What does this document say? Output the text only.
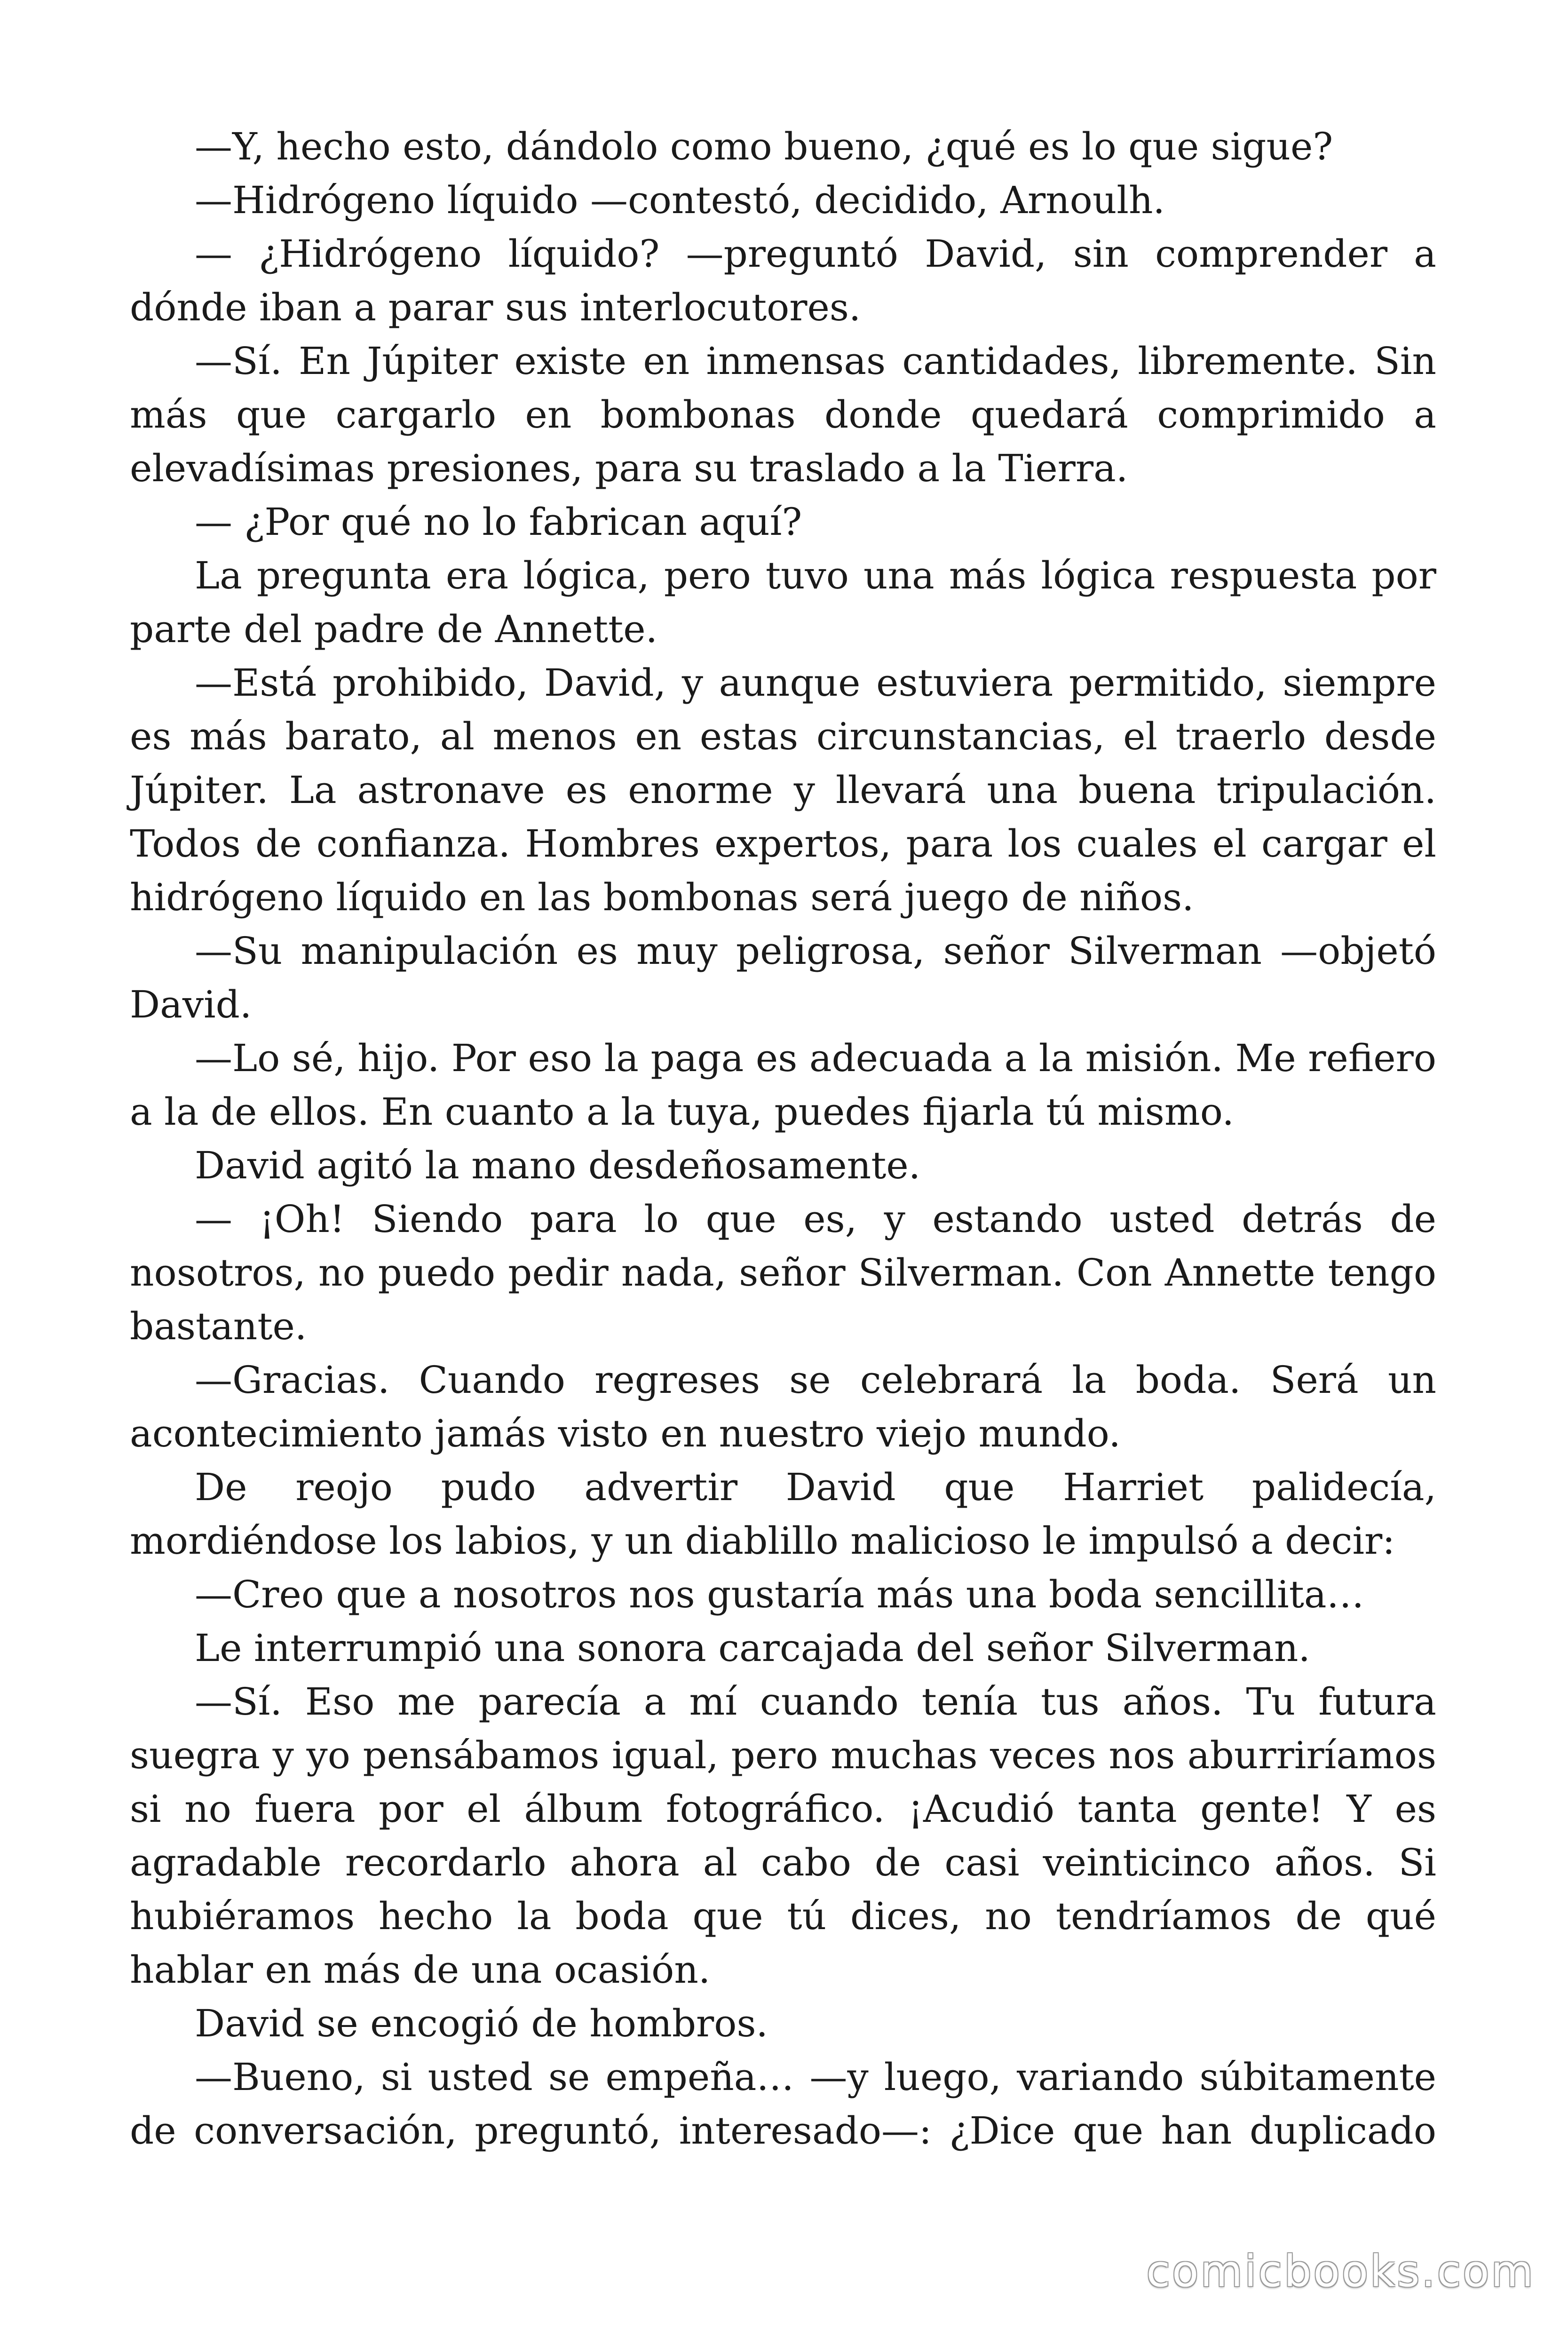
—Y, hecho esto, dándolo como bueno, ¿qué es lo que sigue?

—Hidrógeno líquido —contestó, decidido, Arnoulh.

— ¿Hidrógeno líquido? —preguntó David, sin comprender a dónde iban a parar sus interlocutores.

—Sí. En Júpiter existe en inmensas cantidades, libremente. Sin más que cargarlo en bombonas donde quedará comprimido a elevadísimas presiones, para su traslado a la Tierra.

— ¿Por qué no lo fabrican aquí?

La pregunta era lógica, pero tuvo una más lógica respuesta por parte del padre de Annette.

—Está prohibido, David, y aunque estuviera permitido, siempre es más barato, al menos en estas circunstancias, el traerlo desde Júpiter. La astronave es enorme y llevará una buena tripulación. Todos de confianza. Hombres expertos, para los cuales el cargar el hidrógeno líquido en las bombonas será juego de niños.

—Su manipulación es muy peligrosa, señor Silverman —objetó David.

—Lo sé, hijo. Por eso la paga es adecuada a la misión. Me refiero a la de ellos. En cuanto a la tuya, puedes fijarla tú mismo.

David agitó la mano desdeñosamente.

— ¡Oh! Siendo para lo que es, y estando usted detrás de nosotros, no puedo pedir nada, señor Silverman. Con Annette tengo bastante.

—Gracias. Cuando regreses se celebrará la boda. Será un acontecimiento jamás visto en nuestro viejo mundo.

De reojo pudo advertir David que Harriet palidecía, mordiéndose los labios, y un diablillo malicioso le impulsó a decir:

—Creo que a nosotros nos gustaría más una boda sencillita…

Le interrumpió una sonora carcajada del señor Silverman.

—Sí. Eso me parecía a mí cuando tenía tus años. Tu futura suegra y yo pensábamos igual, pero muchas veces nos aburriríamos si no fuera por el álbum fotográfico. ¡Acudió tanta gente! Y es agradable recordarlo ahora al cabo de casi veinticinco años. Si hubiéramos hecho la boda que tú dices, no tendríamos de qué hablar en más de una ocasión.

David se encogió de hombros.

—Bueno, si usted se empeña… —y luego, variando súbitamente de conversación, preguntó, interesado—: ¿Dice que han duplicado

comicbooks.com
